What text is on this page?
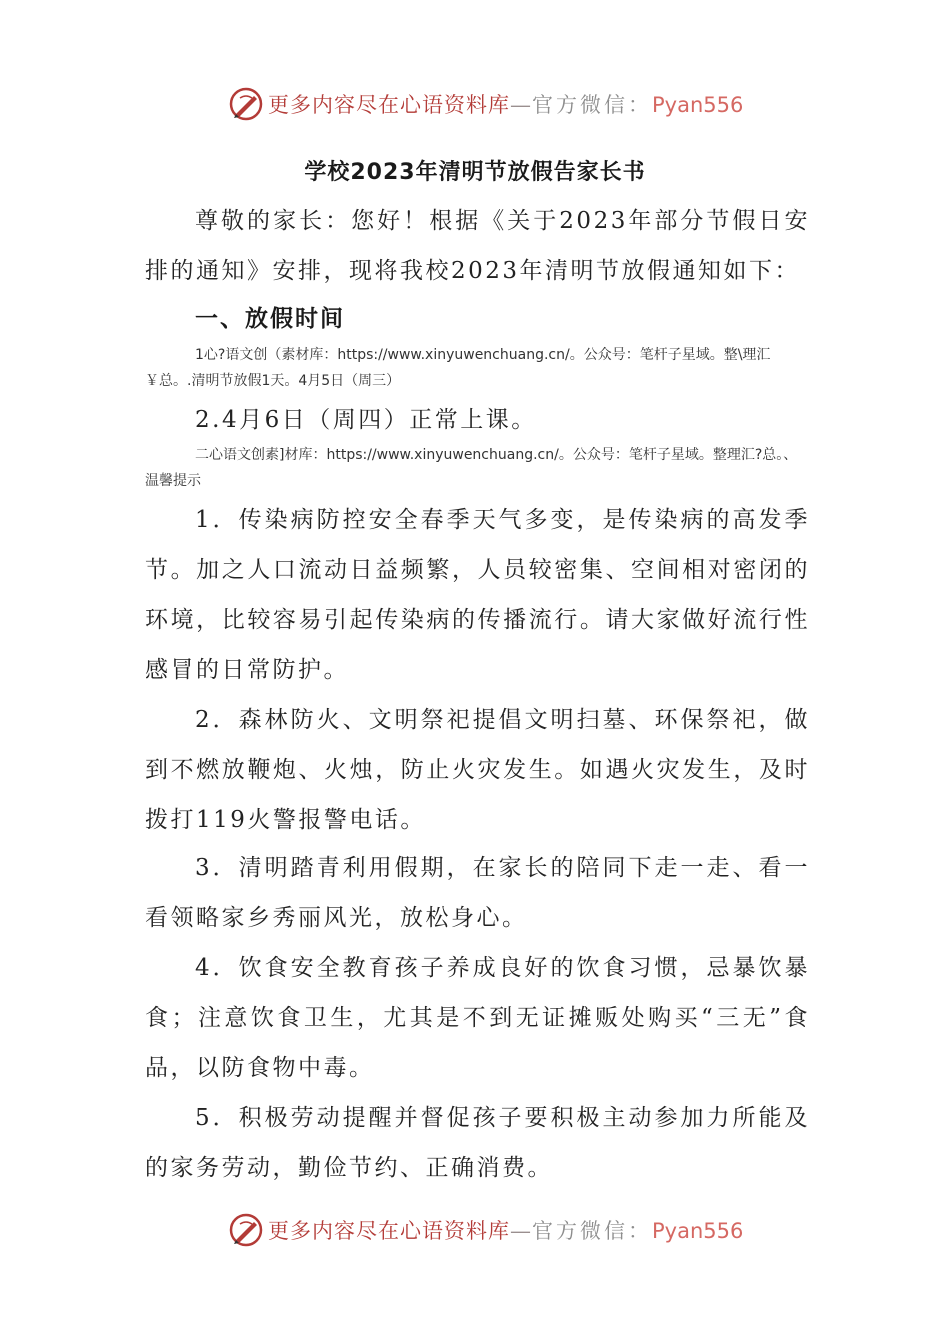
更多内容尽在心语资料库—官方微信：Pyan556
学校2023年清明节放假告家长书

尊敬的家长：您好！根据《关于2023年部分节假日安排的通知》安排，现将我校2023年清明节放假通知如下：

一、放假时间

1心?语文创（素材库：https://www.xinyuwenchuang.cn/。公众号：笔杆子星域。整\理汇￥总。.清明节放假1天。4月5日（周三）

2.4月6日（周四）正常上课。

二心语文创素]材库：https://www.xinyuwenchuang.cn/。公众号：笔杆子星域。整理汇?总。、温馨提示

1．传染病防控安全春季天气多变，是传染病的高发季节。加之人口流动日益频繁，人员较密集、空间相对密闭的环境，比较容易引起传染病的传播流行。请大家做好流行性感冒的日常防护。

2．森林防火、文明祭祀提倡文明扫墓、环保祭祀，做到不燃放鞭炮、火烛，防止火灾发生。如遇火灾发生，及时拨打119火警报警电话。

3．清明踏青利用假期，在家长的陪同下走一走、看一看领略家乡秀丽风光，放松身心。

4．饮食安全教育孩子养成良好的饮食习惯，忌暴饮暴食；注意饮食卫生，尤其是不到无证摊贩处购买“三无”食品，以防食物中毒。

5．积极劳动提醒并督促孩子要积极主动参加力所能及的家务劳动，勤俭节约、正确消费。

更多内容尽在心语资料库—官方微信：Pyan556
